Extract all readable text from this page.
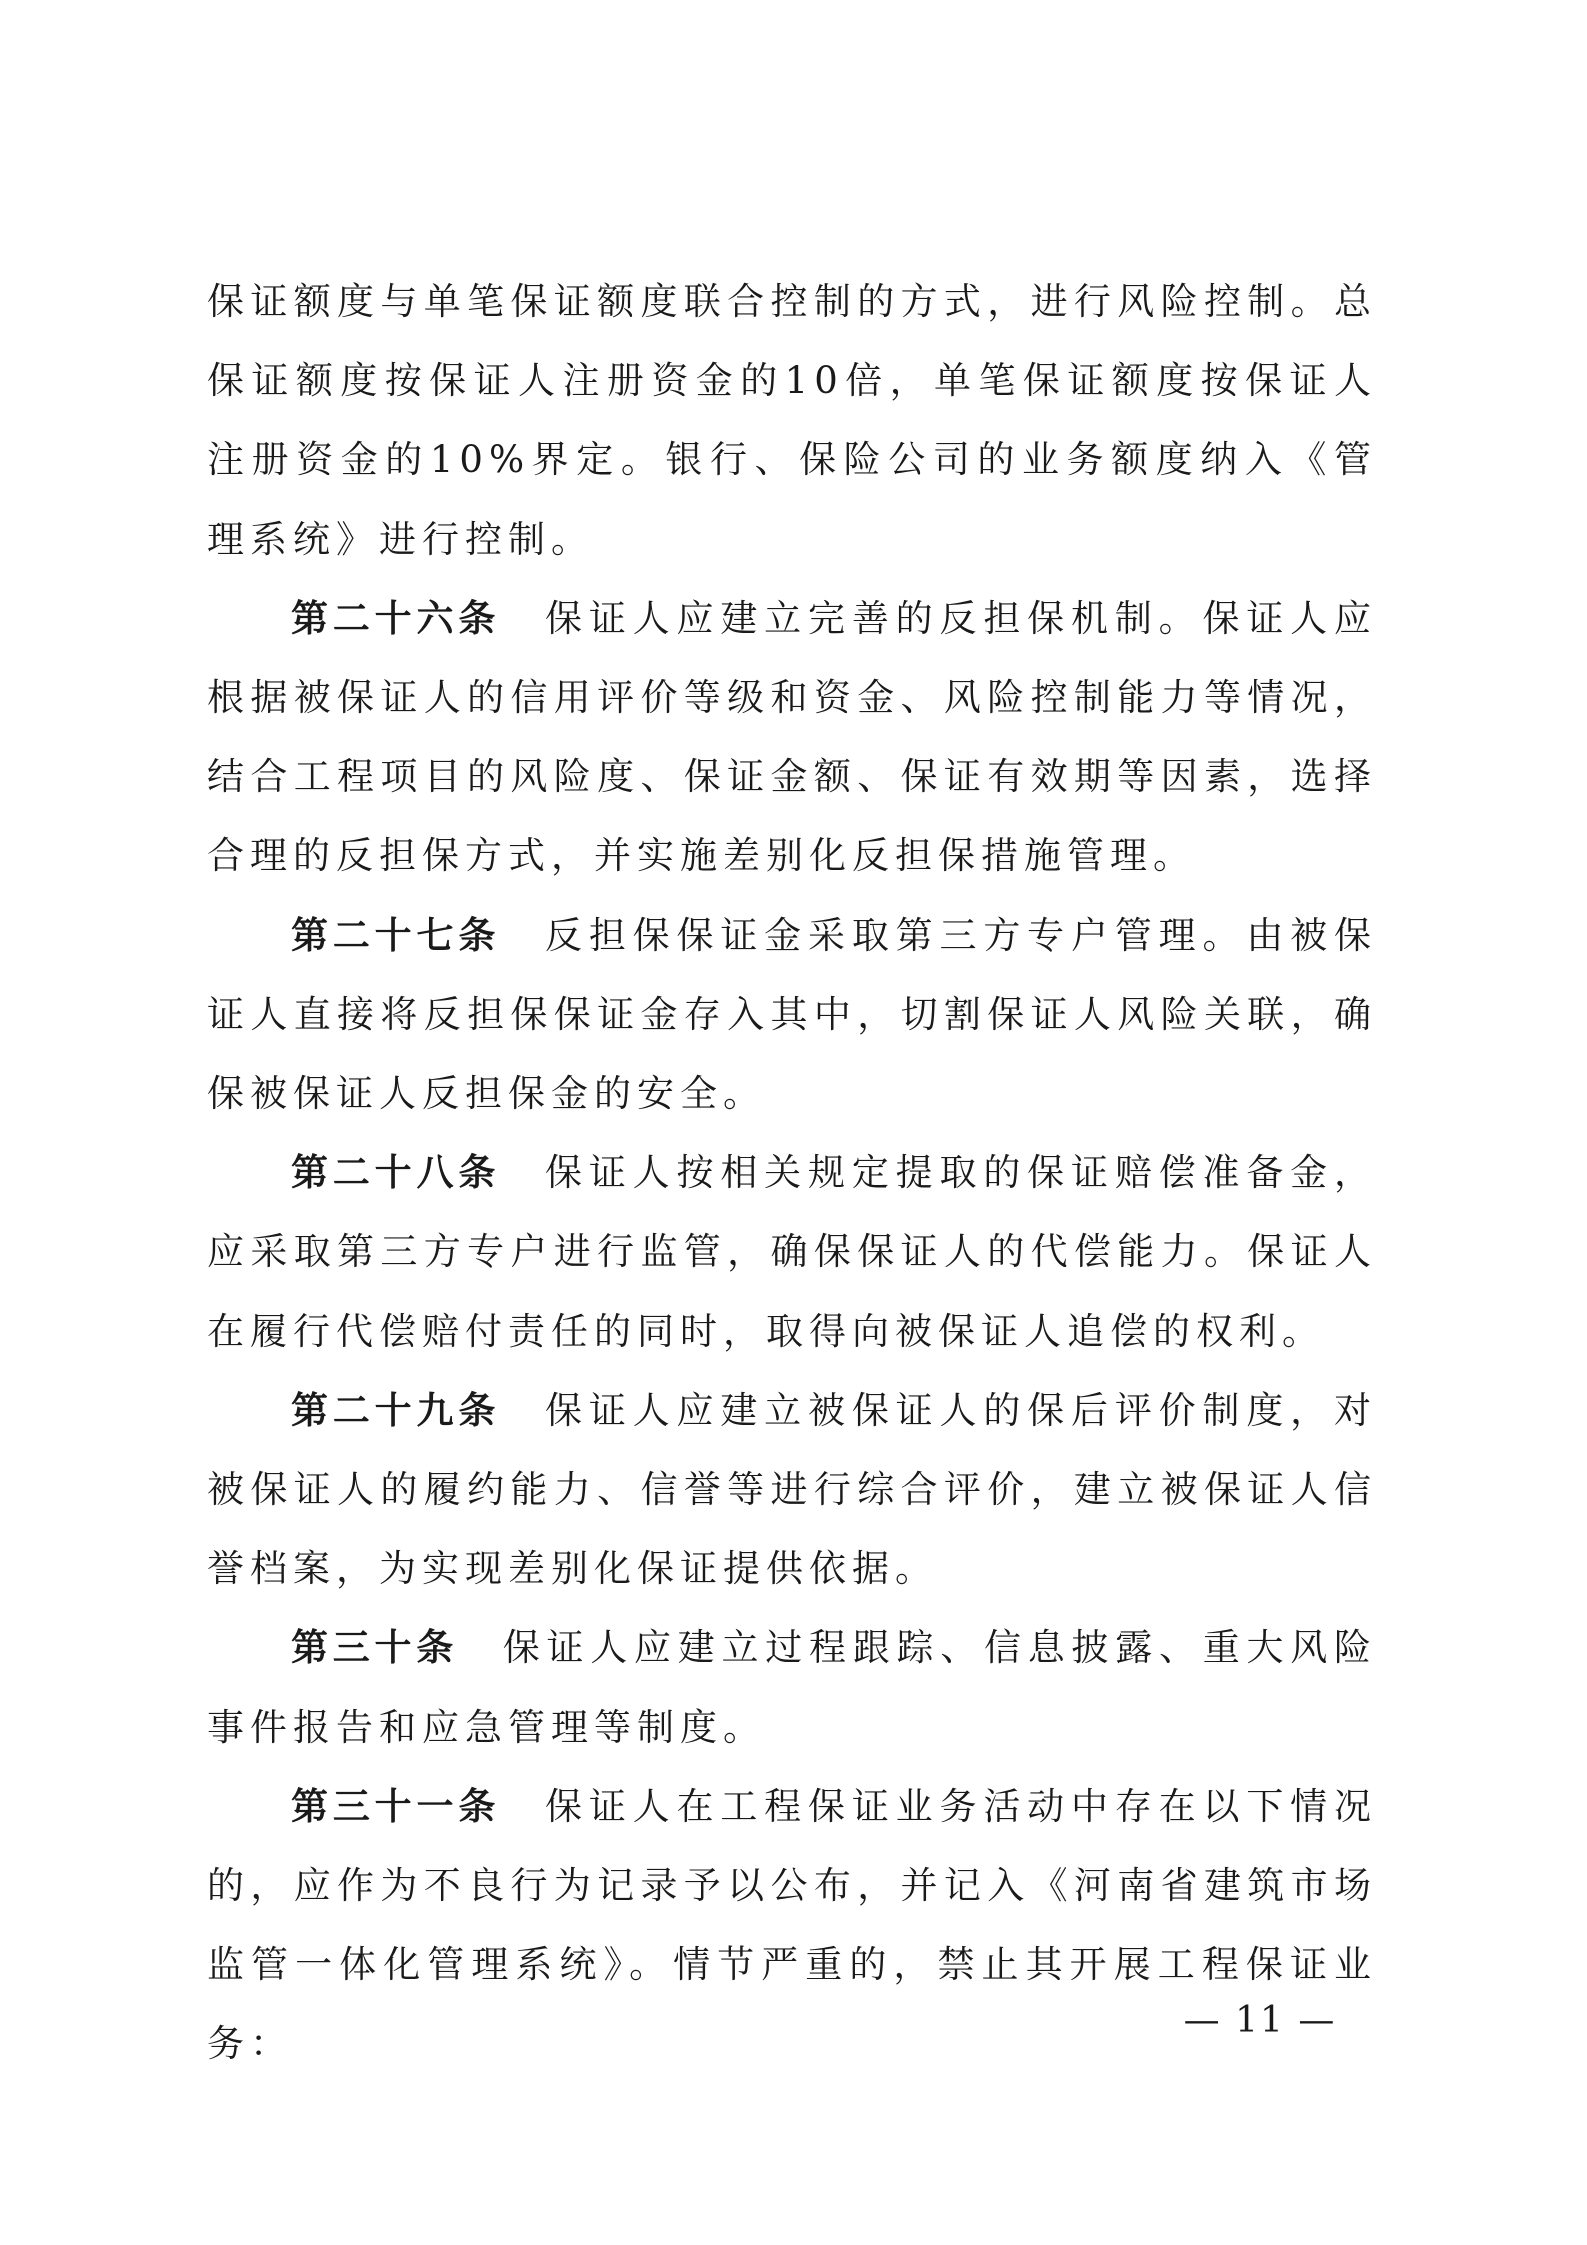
保证额度与单笔保证额度联合控制的方式，进行风险控制。总保证额度按保证人注册资金的10倍，单笔保证额度按保证人注册资金的10%界定。银行、保险公司的业务额度纳入《管理系统》进行控制。

第二十六条 保证人应建立完善的反担保机制。保证人应根据被保证人的信用评价等级和资金、风险控制能力等情况，结合工程项目的风险度、保证金额、保证有效期等因素，选择合理的反担保方式，并实施差别化反担保措施管理。

第二十七条 反担保保证金采取第三方专户管理。由被保证人直接将反担保保证金存入其中，切割保证人风险关联，确保被保证人反担保金的安全。

第二十八条 保证人按相关规定提取的保证赔偿准备金，应采取第三方专户进行监管，确保保证人的代偿能力。保证人在履行代偿赔付责任的同时，取得向被保证人追偿的权利。

第二十九条 保证人应建立被保证人的保后评价制度，对被保证人的履约能力、信誉等进行综合评价，建立被保证人信誉档案，为实现差别化保证提供依据。

第三十条 保证人应建立过程跟踪、信息披露、重大风险事件报告和应急管理等制度。

第三十一条 保证人在工程保证业务活动中存在以下情况的，应作为不良行为记录予以公布，并记入《河南省建筑市场监管一体化管理系统》。情节严重的，禁止其开展工程保证业务：

— 11 —
